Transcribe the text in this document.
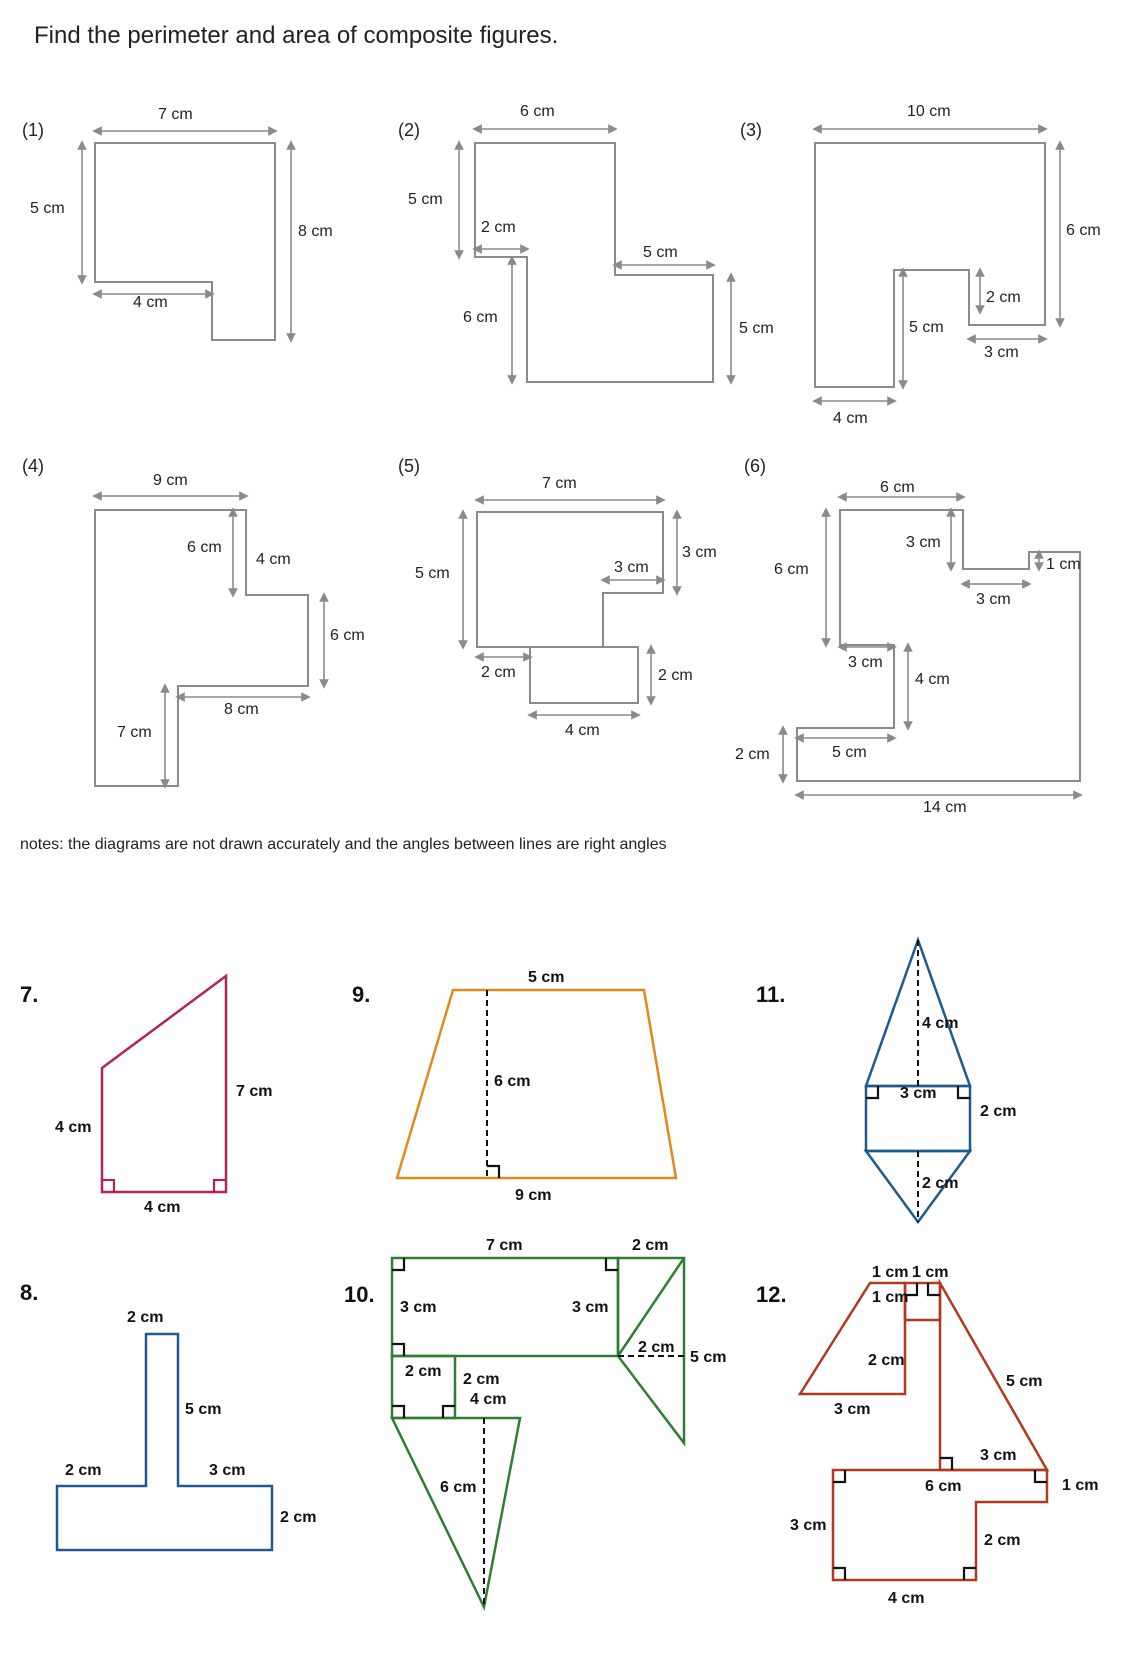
Find the perimeter and area of composite figures.
notes: the diagrams are not drawn accurately and the angles between lines are right angles
(1)
7 cm
5 cm
8 cm
4 cm
(2)
6 cm
5 cm
2 cm
5 cm
6 cm
5 cm
(3)
10 cm
6 cm
2 cm
5 cm
3 cm
4 cm
(4)
9 cm
6 cm
4 cm
6 cm
8 cm
7 cm
(5)
7 cm
3 cm
5 cm	3 cm
2 cm	2 cm
4 cm
(6)
6 cm
3 cm
1 cm
6 cm
3 cm
3 cm
4 cm
2 cm	5 cm
14 cm
7.
7 cm
4 cm
4 cm
8.
2 cm
5 cm
2 cm	3 cm
2 cm
9.
5 cm
6 cm
9 cm
10.
7 cm	2 cm
3 cm	3 cm
2 cm
5 cm
2 cm 2 cm
4 cm
6 cm
11.
4 cm
3 cm
2 cm
2 cm
12.
1 cm 1 cm
1 cm
2 cm
3 cm
5 cm
3 cm
6 cm	1 cm
3 cm
2 cm
4 cm
